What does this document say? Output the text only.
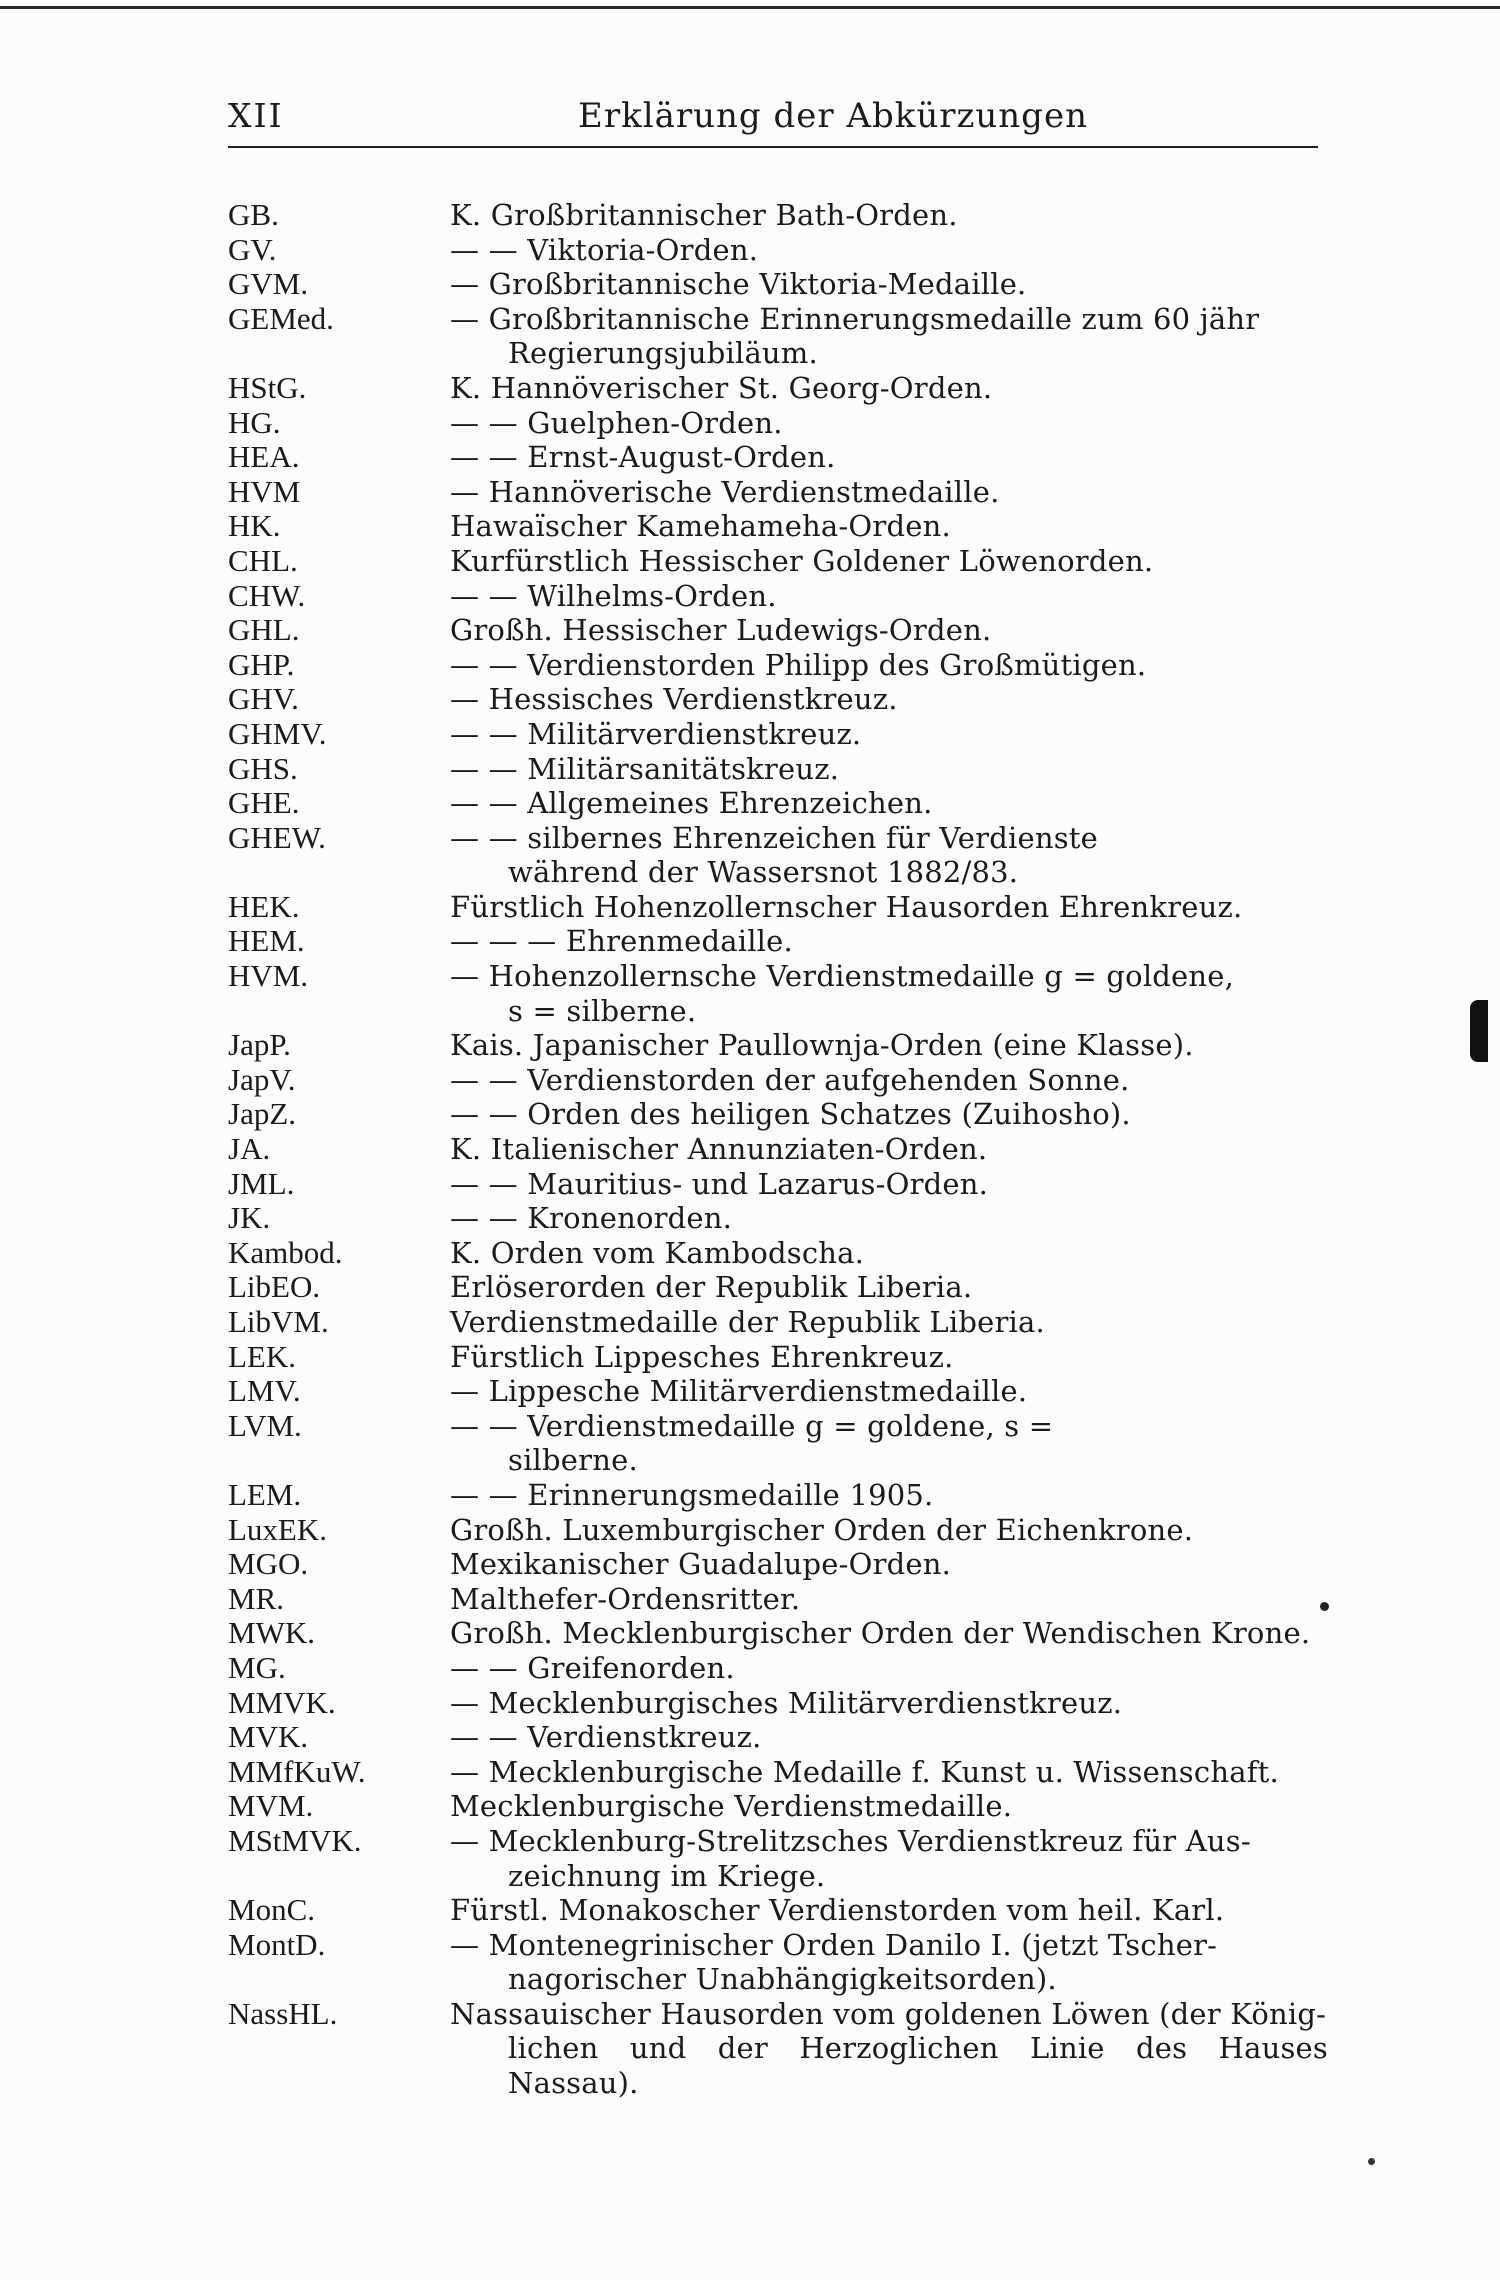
XII	Erklärung der Abkürzungen
GB.	K. Großbritannischer Bath-Orden.
GV.	— — Viktoria-Orden.
GVM.	— Großbritannische Viktoria-Medaille.
GEMed.	— Großbritannische Erinnerungsmedaille zum 60 jähr
Regierungsjubiläum.
HStG.	K. Hannöverischer St. Georg-Orden.
HG.	— — Guelphen-Orden.
HEA.	— — Ernst-August-Orden.
HVM	— Hannöverische Verdienstmedaille.
HK.	Hawaïscher Kamehameha-Orden.
CHL.	Kurfürstlich Hessischer Goldener Löwenorden.
CHW.	— — Wilhelms-Orden.
GHL.	Großh. Hessischer Ludewigs-Orden.
GHP.	— — Verdienstorden Philipp des Großmütigen.
GHV.	— Hessisches Verdienstkreuz.
GHMV.	— — Militärverdienstkreuz.
GHS.	— — Militärsanitätskreuz.
GHE.	— — Allgemeines Ehrenzeichen.
GHEW.	— — silbernes Ehrenzeichen für Verdienste
während der Wassersnot 1882/83.
HEK.	Fürstlich Hohenzollernscher Hausorden Ehrenkreuz.
HEM.	— — — Ehrenmedaille.
HVM.	— Hohenzollernsche Verdienstmedaille g = goldene,
s = silberne.
JapP.	Kais. Japanischer Paullownja-Orden (eine Klasse).
JapV.	— — Verdienstorden der aufgehenden Sonne.
JapZ.	— — Orden des heiligen Schatzes (Zuihosho).
JA.	K. Italienischer Annunziaten-Orden.
JML.	— — Mauritius- und Lazarus-Orden.
JK.	— — Kronenorden.
Kambod.	K. Orden vom Kambodscha.
LibEO.	Erlöserorden der Republik Liberia.
LibVM.	Verdienstmedaille der Republik Liberia.
LEK.	Fürstlich Lippesches Ehrenkreuz.
LMV.	— Lippesche Militärverdienstmedaille.
LVM.	— — Verdienstmedaille g = goldene, s =
silberne.
LEM.	— — Erinnerungsmedaille 1905.
LuxEK.	Großh. Luxemburgischer Orden der Eichenkrone.
MGO.	Mexikanischer Guadalupe-Orden.
MR.	Malthefer-Ordensritter.
MWK.	Großh. Mecklenburgischer Orden der Wendischen Krone.
MG.	— — Greifenorden.
MMVK.	— Mecklenburgisches Militärverdienstkreuz.
MVK.	— — Verdienstkreuz.
MMfKuW.	— Mecklenburgische Medaille f. Kunst u. Wissenschaft.
MVM.	Mecklenburgische Verdienstmedaille.
MStMVK.	— Mecklenburg-Strelitzsches Verdienstkreuz für Aus-
zeichnung im Kriege.
MonC.	Fürstl. Monakoscher Verdienstorden vom heil. Karl.
MontD.	— Montenegrinischer Orden Danilo I. (jetzt Tscher-
nagorischer Unabhängigkeitsorden).
NassHL.	Nassauischer Hausorden vom goldenen Löwen (der König-
lichen und der Herzoglichen Linie des Hauses Nassau).
